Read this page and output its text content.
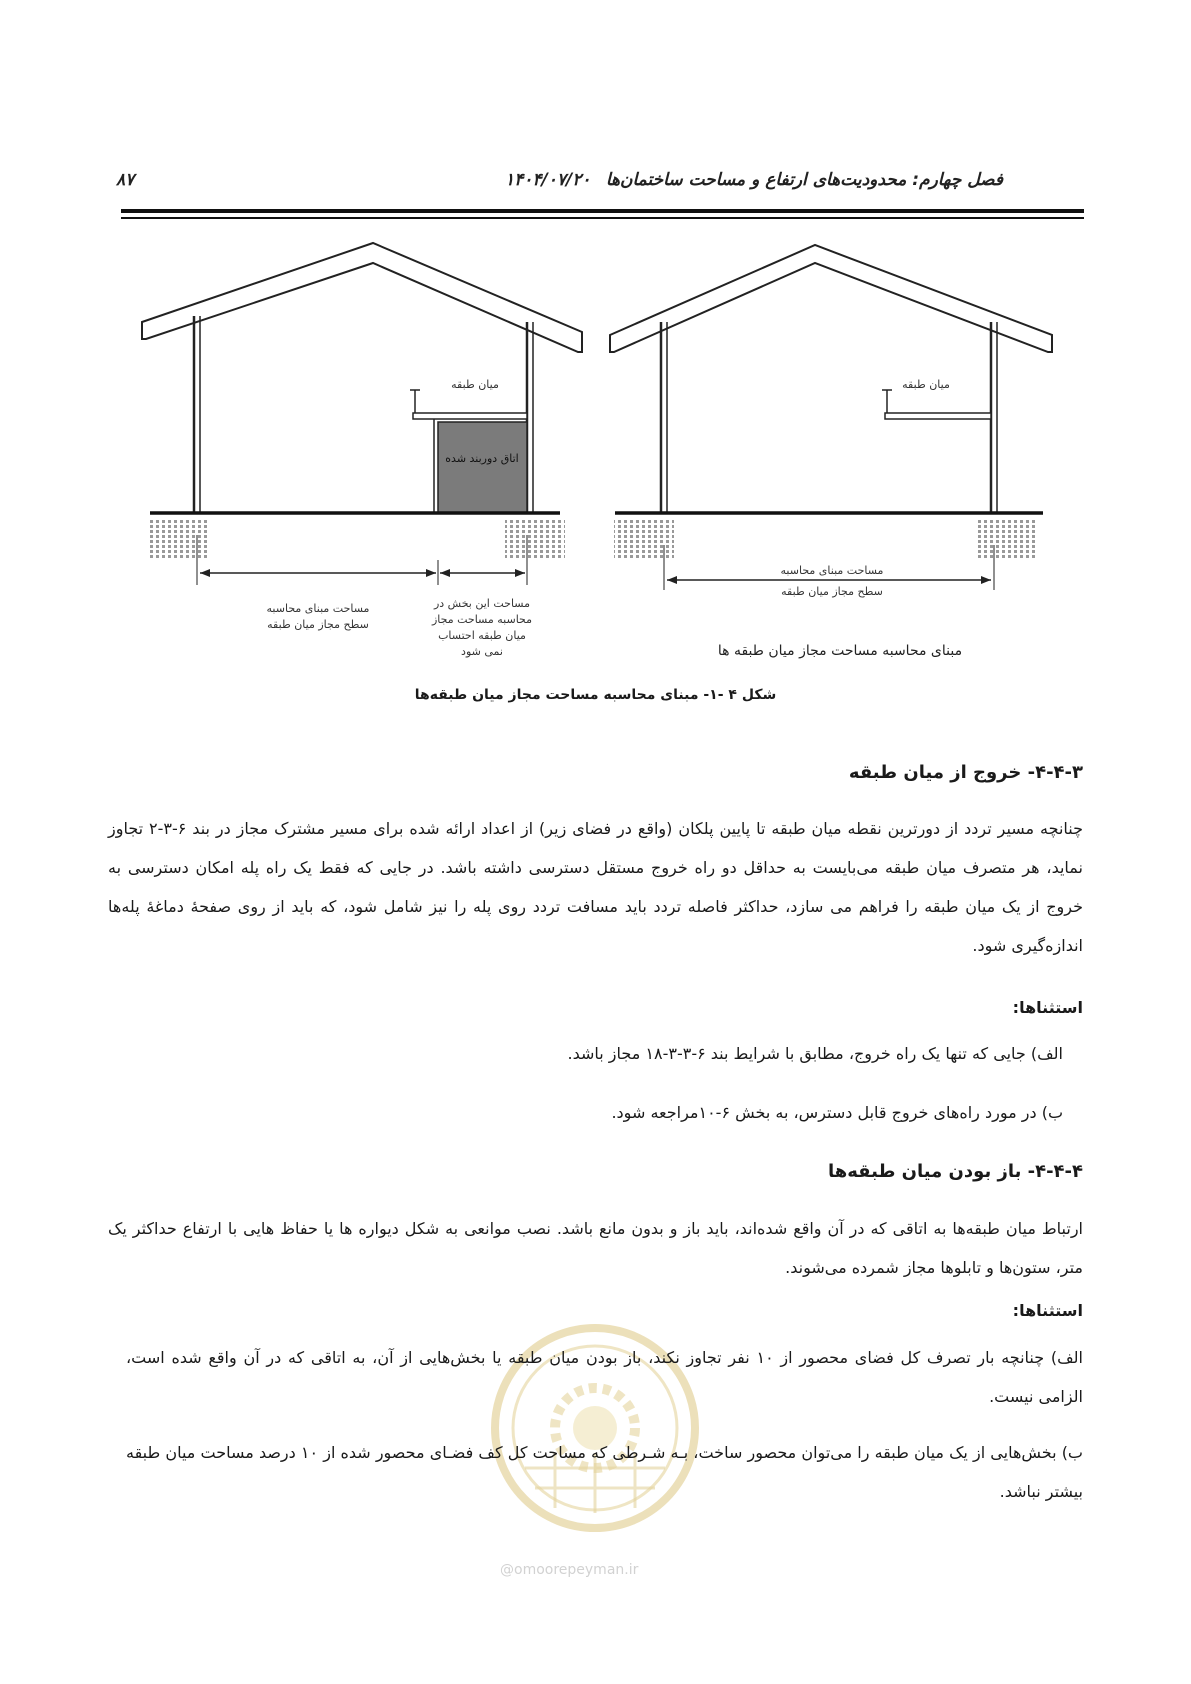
۸۷	۱۴۰۴/۰۷/۲۰ فصل چهارم: محدودیت‌های ارتفاع و مساحت ساختمان‌ها
میان طبقه
اتاق دوربند شده
مساحت مبنای محاسبه
سطح مجاز میان طبقه
مساحت این بخش در
محاسبه مساحت مجاز
میان طبقه احتساب
نمی شود
میان طبقه
مساحت مبنای محاسبه
سطح مجاز میان طبقه
مبنای محاسبه مساحت مجاز میان طبقه ها
شکل ۴ -۱- مبنای محاسبه مساحت مجاز میان طبقه‌ها
@omoorepeyman.ir
۴-۴-۳- خروج از میان طبقه
چنانچه مسیر تردد از دورترین نقطه میان طبقه تا پایین پلکان (واقع در فضای زیر) از اعداد ارائه شده برای مسیر مشترک مجاز در بند ۶-۳-۲ تجاوز نماید، هر متصرف میان طبقه می‌بایست به حداقل دو راه خروج مستقل دسترسی داشته باشد. در جایی که فقط یک راه پله امکان دسترسی به خروج از یک میان طبقه را فراهم می سازد، حداکثر فاصله تردد باید مسافت تردد روی پله را نیز شامل شود، که باید از روی صفحهٔ دماغهٔ پله‌ها اندازه‌گیری شود.
استثناها:
الف) جایی که تنها یک راه خروج، مطابق با شرایط بند ۶-۳-۳-۱۸ مجاز باشد.
ب) در مورد راه‌های خروج قابل دسترس، به بخش ۶-۱۰مراجعه شود.
۴-۴-۴- باز بودن میان طبقه‌ها
ارتباط میان طبقه‌ها به اتاقی که در آن واقع شده‌اند، باید باز و بدون مانع باشد. نصب موانعی به شکل دیواره ها یا حفاظ هایی با ارتفاع حداکثر یک متر، ستون‌ها و تابلوها مجاز شمرده می‌شوند.
استثناها:
الف) چنانچه بار تصرف کل فضای محصور از ۱۰ نفر تجاوز نکند، باز بودن میان طبقه یا بخش‌هایی از آن، به اتاقی که در آن واقع شده است، الزامی نیست.
ب) بخش‌هایی از یک میان طبقه را می‌توان محصور ساخت، بـه شـرطی که مساحت کل کف فضـای محصور شده از ۱۰ درصد مساحت میان طبقه بیشتر نباشد.
